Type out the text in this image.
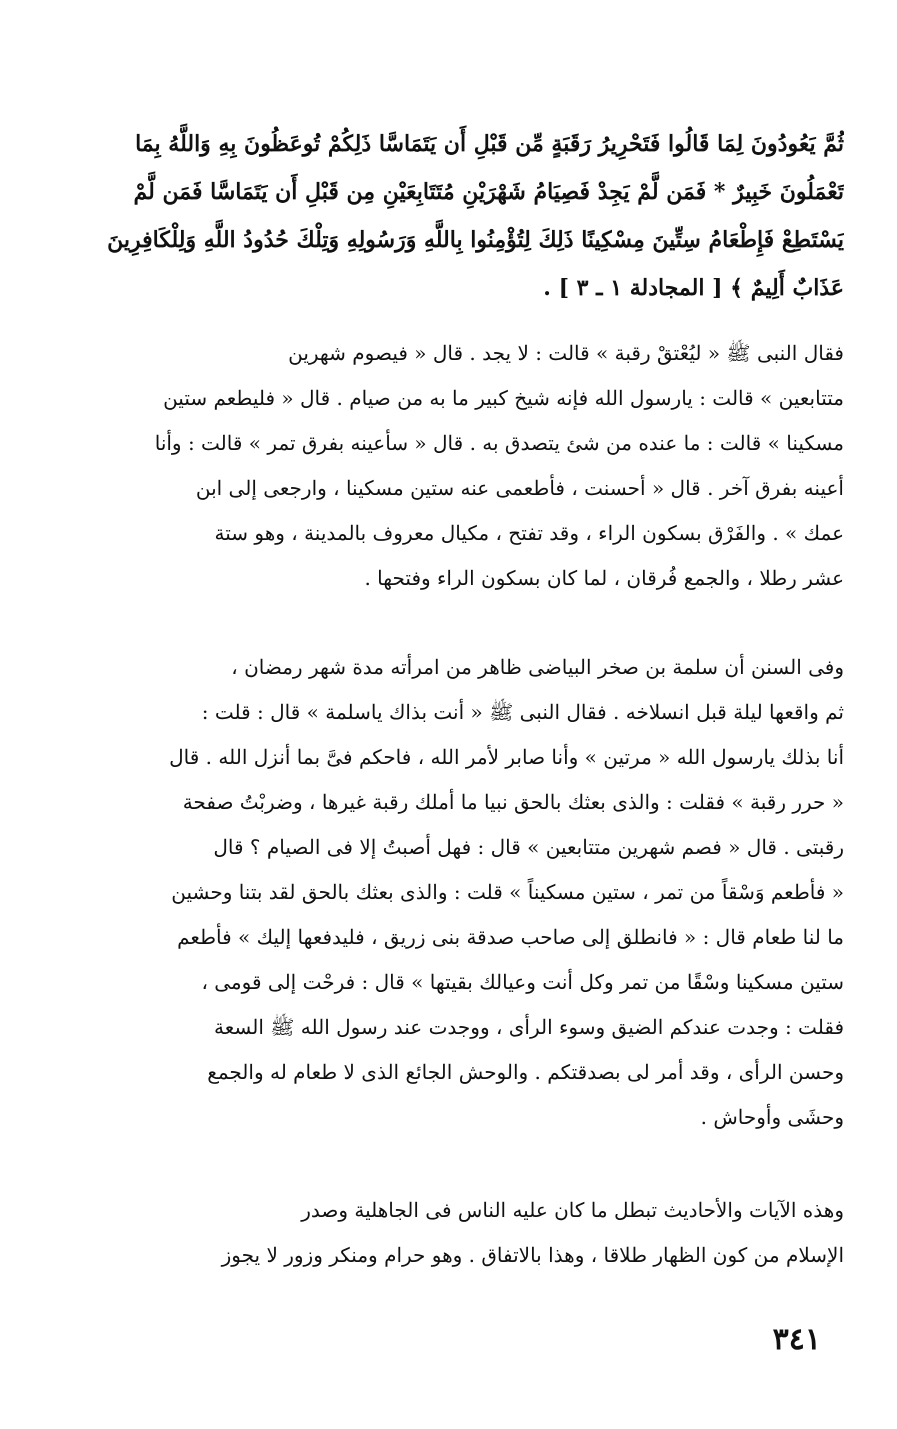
ثُمَّ يَعُودُونَ لِمَا قَالُوا فَتَحْرِيرُ رَقَبَةٍ مِّن قَبْلِ أَن يَتَمَاسَّا ذَلِكُمْ تُوعَظُونَ بِهِ وَاللَّهُ بِمَا
تَعْمَلُونَ خَبِيرٌ * فَمَن لَّمْ يَجِدْ فَصِيَامُ شَهْرَيْنِ مُتَتَابِعَيْنِ مِن قَبْلِ أَن يَتَمَاسَّا فَمَن لَّمْ
يَسْتَطِعْ فَإِطْعَامُ سِتِّينَ مِسْكِينًا ذَلِكَ لِتُؤْمِنُوا بِاللَّهِ وَرَسُولِهِ وَتِلْكَ حُدُودُ اللَّهِ وَلِلْكَافِرِينَ
عَذَابٌ أَلِيمٌ ﴾ [ المجادلة ١ ـ ٣ ] .
فقال النبى ﷺ « ليُعْتقْ رقبة » قالت : لا يجد . قال « فيصوم شهرين
متتابعين » قالت : يارسول الله فإنه شيخ كبير ما به من صيام . قال « فليطعم ستين
مسكينا » قالت : ما عنده من شئ يتصدق به . قال « سأعينه بفرق تمر » قالت : وأنا
أعينه بفرق آخر . قال « أحسنت ، فأطعمى عنه ستين مسكينا ، وارجعى إلى ابن
عمك » . والفَرْق بسكون الراء ، وقد تفتح ، مكيال معروف بالمدينة ، وهو ستة
عشر رطلا ، والجمع فُرقان ، لما كان بسكون الراء وفتحها .
وفى السنن أن سلمة بن صخر البياضى ظاهر من امرأته مدة شهر رمضان ،
ثم واقعها ليلة قبل انسلاخه . فقال النبى ﷺ « أنت بذاك ياسلمة » قال : قلت :
أنا بذلك يارسول الله « مرتين » وأنا صابر لأمر الله ، فاحكم فىَّ بما أنزل الله . قال
« حرر رقبة » فقلت : والذى بعثك بالحق نبيا ما أملك رقبة غيرها ، وضربْتُ صفحة
رقبتى . قال « فصم شهرين متتابعين » قال : فهل أصبتُ إلا فى الصيام ؟ قال
« فأطعم وَسْقاً من تمر ، ستين مسكيناً » قلت : والذى بعثك بالحق لقد بتنا وحشين
ما لنا طعام قال : « فانطلق إلى صاحب صدقة بنى زريق ، فليدفعها إليك » فأطعم
ستين مسكينا وسْقًا من تمر وكل أنت وعيالك بقيتها » قال : فرحْت إلى قومى ،
فقلت : وجدت عندكم الضيق وسوء الرأى ، ووجدت عند رسول الله ﷺ السعة
وحسن الرأى ، وقد أمر لى بصدقتكم . والوحش الجائع الذى لا طعام له والجمع
وحشَى وأوحاش .
وهذه الآيات والأحاديث تبطل ما كان عليه الناس فى الجاهلية وصدر
الإسلام من كون الظهار طلاقا ، وهذا بالاتفاق . وهو حرام ومنكر وزور لا يجوز
٣٤١
